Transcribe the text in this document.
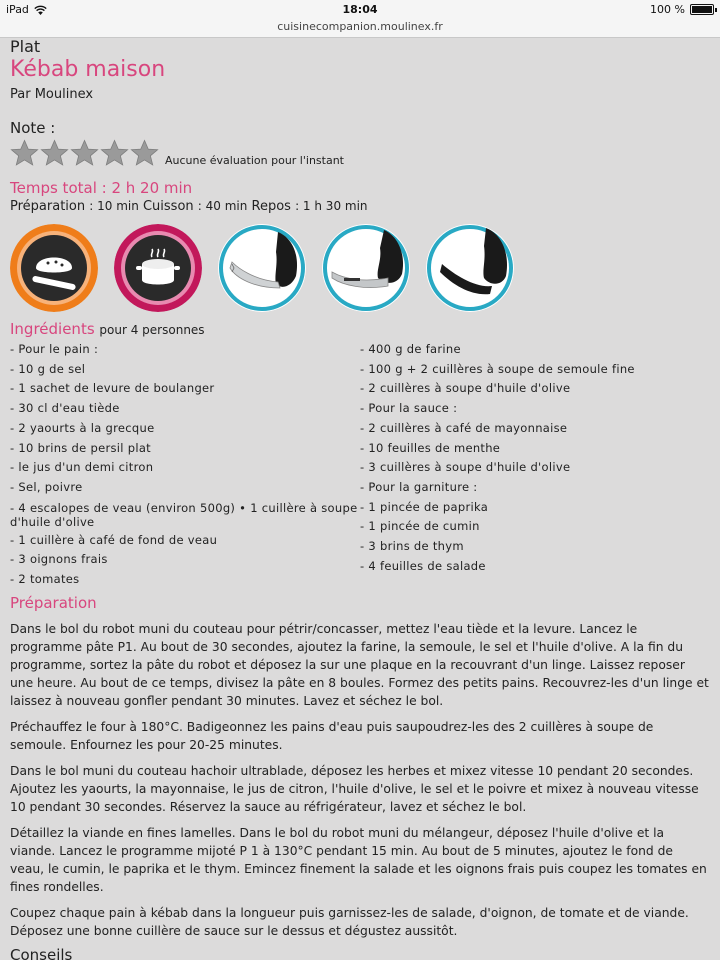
iPad	18:04	100 %
cuisinecompanion.moulinex.fr
Plat
Kébab maison
Par Moulinex
Note :
Aucune évaluation pour l'instant
Temps total : 2 h 20 min
Préparation : 10 min Cuisson : 40 min Repos : 1 h 30 min
Ingrédients pour 4 personnes
- Pour le pain :
- 10 g de sel
- 1 sachet de levure de boulanger
- 30 cl d'eau tiède
- 2 yaourts à la grecque
- 10 brins de persil plat
- le jus d'un demi citron
- Sel, poivre
- 4 escalopes de veau (environ 500g) • 1 cuillère à soupe d'huile d'olive
- 1 cuillère à café de fond de veau
- 3 oignons frais
- 2 tomates
- 400 g de farine
- 100 g + 2 cuillères à soupe de semoule fine
- 2 cuillères à soupe d'huile d'olive
- Pour la sauce :
- 2 cuillères à café de mayonnaise
- 10 feuilles de menthe
- 3 cuillères à soupe d'huile d'olive
- Pour la garniture :
- 1 pincée de paprika
- 1 pincée de cumin
- 3 brins de thym
- 4 feuilles de salade
Préparation

Dans le bol du robot muni du couteau pour pétrir/concasser, mettez l'eau tiède et la levure. Lancez le programme pâte P1. Au bout de 30 secondes, ajoutez la farine, la semoule, le sel et l'huile d'olive. A la fin du programme, sortez la pâte du robot et déposez la sur une plaque en la recouvrant d'un linge. Laissez reposer une heure. Au bout de ce temps, divisez la pâte en 8 boules. Formez des petits pains. Recouvrez-les d'un linge et laissez à nouveau gonfler pendant 30 minutes. Lavez et séchez le bol.

Préchauffez le four à 180°C. Badigeonnez les pains d'eau puis saupoudrez-les des 2 cuillères à soupe de semoule. Enfournez les pour 20-25 minutes.

Dans le bol muni du couteau hachoir ultrablade, déposez les herbes et mixez vitesse 10 pendant 20 secondes. Ajoutez les yaourts, la mayonnaise, le jus de citron, l'huile d'olive, le sel et le poivre et mixez à nouveau vitesse 10 pendant 30 secondes. Réservez la sauce au réfrigérateur, lavez et séchez le bol.

Détaillez la viande en fines lamelles. Dans le bol du robot muni du mélangeur, déposez l'huile d'olive et la viande. Lancez le programme mijoté P 1 à 130°C pendant 15 min. Au bout de 5 minutes, ajoutez le fond de veau, le cumin, le paprika et le thym. Emincez finement la salade et les oignons frais puis coupez les tomates en fines rondelles.

Coupez chaque pain à kébab dans la longueur puis garnissez-les de salade, d'oignon, de tomate et de viande. Déposez une bonne cuillère de sauce sur le dessus et dégustez aussitôt.

Conseils
